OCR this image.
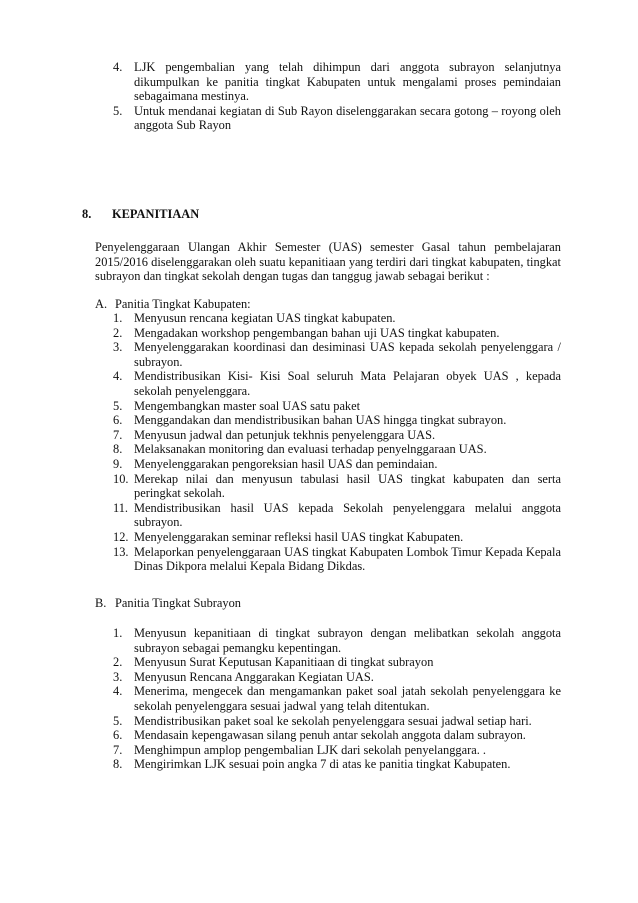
4. LJK pengembalian yang telah dihimpun dari anggota subrayon selanjutnya dikumpulkan ke panitia tingkat Kabupaten untuk mengalami proses pemindaian sebagaimana mestinya.
5. Untuk mendanai kegiatan di Sub Rayon diselenggarakan secara gotong – royong oleh anggota Sub Rayon
8. KEPANITIAAN

Penyelenggaraan Ulangan Akhir Semester (UAS) semester Gasal tahun pembelajaran 2015/2016 diselenggarakan oleh suatu kepanitiaan yang terdiri dari tingkat kabupaten, tingkat subrayon dan tingkat sekolah dengan tugas dan tanggug jawab sebagai berikut :

A. Panitia Tingkat Kabupaten:

1. Menyusun rencana kegiatan UAS tingkat kabupaten.
2. Mengadakan workshop pengembangan bahan uji UAS tingkat kabupaten.
3. Menyelenggarakan koordinasi dan desiminasi UAS kepada sekolah penyelenggara / subrayon.
4. Mendistribusikan Kisi- Kisi Soal seluruh Mata Pelajaran obyek UAS , kepada sekolah penyelenggara.
5. Mengembangkan master soal UAS satu paket
6. Menggandakan dan mendistribusikan bahan UAS hingga tingkat subrayon.
7. Menyusun jadwal dan petunjuk tekhnis penyelenggara UAS.
8. Melaksanakan monitoring dan evaluasi terhadap penyelnggaraan UAS.
9. Menyelenggarakan pengoreksian hasil UAS dan pemindaian.
10. Merekap nilai dan menyusun tabulasi hasil UAS tingkat kabupaten dan serta peringkat sekolah.
11. Mendistribusikan hasil UAS kepada Sekolah penyelenggara melalui anggota subrayon.
12. Menyelenggarakan seminar refleksi hasil UAS tingkat Kabupaten.
13. Melaporkan penyelenggaraan UAS tingkat Kabupaten Lombok Timur Kepada Kepala Dinas Dikpora melalui Kepala Bidang Dikdas.

B. Panitia Tingkat Subrayon

1. Menyusun kepanitiaan di tingkat subrayon dengan melibatkan sekolah anggota subrayon sebagai pemangku kepentingan.
2. Menyusun Surat Keputusan Kapanitiaan di tingkat subrayon
3. Menyusun Rencana Anggarakan Kegiatan UAS.
4. Menerima, mengecek dan mengamankan paket soal jatah sekolah penyelenggara ke sekolah penyelenggara sesuai jadwal yang telah ditentukan.
5. Mendistribusikan paket soal ke sekolah penyelenggara sesuai jadwal setiap hari.
6. Mendasain kepengawasan silang penuh antar sekolah anggota dalam subrayon.
7. Menghimpun amplop pengembalian LJK dari sekolah penyelanggara. .
8. Mengirimkan LJK sesuai poin angka 7 di atas ke panitia tingkat Kabupaten.
